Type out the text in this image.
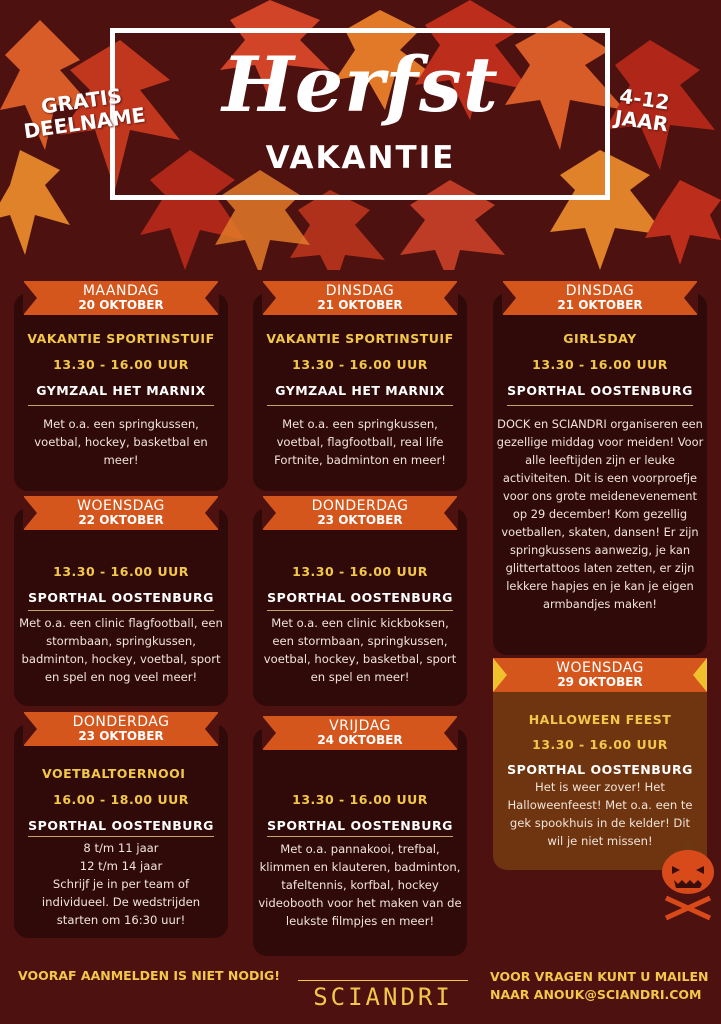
Herfst
VAKANTIE
GRATIS DEELNAME
4-12 JAAR
MAANDAG
20 OKTOBER
VAKANTIE SPORTINSTUIF
13.30 - 16.00 UUR
GYMZAAL HET MARNIX
Met o.a. een springkussen, voetbal, hockey, basketbal en meer!
DINSDAG
21 OKTOBER
VAKANTIE SPORTINSTUIF
13.30 - 16.00 UUR
GYMZAAL HET MARNIX
Met o.a. een springkussen, voetbal, flagfootball, real life Fortnite, badminton en meer!
DINSDAG
21 OKTOBER
GIRLSDAY
13.30 - 16.00 UUR
SPORTHAL OOSTENBURG
DOCK en SCIANDRI organiseren een gezellige middag voor meiden! Voor alle leeftijden zijn er leuke activiteiten. Dit is een voorproefje voor ons grote meidenevenement op 29 december! Kom gezellig voetballen, skaten, dansen! Er zijn springkussens aanwezig, je kan glittertattoos laten zetten, er zijn lekkere hapjes en je kan je eigen armbandjes maken!
WOENSDAG
22 OKTOBER
13.30 - 16.00 UUR
SPORTHAL OOSTENBURG
Met o.a. een clinic flagfootball, een stormbaan, springkussen, badminton, hockey, voetbal, sport en spel en nog veel meer!
DONDERDAG
23 OKTOBER
13.30 - 16.00 UUR
SPORTHAL OOSTENBURG
Met o.a. een clinic kickboksen, een stormbaan, springkussen, voetbal, hockey, basketbal, sport en spel en meer!
WOENSDAG
29 OKTOBER
HALLOWEEN FEEST
13.30 - 16.00 UUR
SPORTHAL OOSTENBURG
Het is weer zover! Het Halloweenfeest! Met o.a. een te gek spookhuis in de kelder! Dit wil je niet missen!
DONDERDAG
23 OKTOBER
VOETBALTOERNOOI
16.00 - 18.00 UUR
SPORTHAL OOSTENBURG
8 t/m 11 jaar
12 t/m 14 jaar
Schrijf je in per team of individueel. De wedstrijden starten om 16:30 uur!
VRIJDAG
24 OKTOBER
13.30 - 16.00 UUR
SPORTHAL OOSTENBURG
Met o.a. pannakooi, trefbal, klimmen en klauteren, badminton, tafeltennis, korfbal, hockey videobooth voor het maken van de leukste filmpjes en meer!
VOORAF AANMELDEN IS NIET NODIG!
SCIANDRI
VOOR VRAGEN KUNT U MAILEN
NAAR ANOUK@SCIANDRI.COM
